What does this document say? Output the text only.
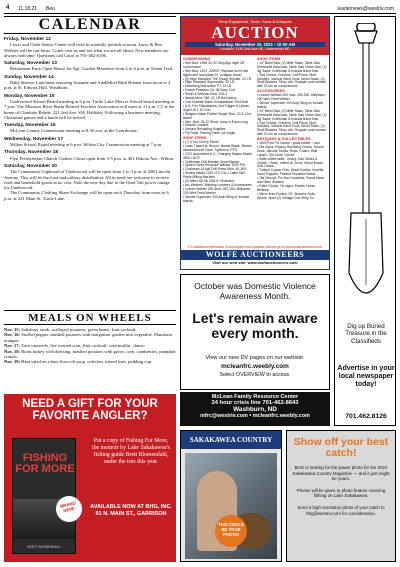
4 11.18.21 Beu	leadernews@westriv.com
CALENDAR
Friday, November 12

Lewis and Clark Senior Center will hold its monthly potluck at noon. Larry & Bea Wellner will be our hosts. Come visit us and see what we are all about. New members are always welcome. Questions call Carol at 701-462-8106.

Saturday, November 13

Retirement Party Open House for Sgt. Gordon Maisterre from 2 to 6 p.m. at Totten Trail.

Sunday, November 14

Baby Shower Luncheon honoring Amanda and AdaBethel Ruth Bohner from noon to 2 p.m. at St. Edwins Hall, Washburn.

Monday, November 15

Underwood School Board meeting at 6 p.m. Turtle Lake-Mercer School board meeting at 7 p.m. The Missouri River Basin Retired Teachers Association will meet at 11 a.m. CT at the home of Charlotte Rohde, 221 2nd Ave. SW, Halliday. Following a business meeting, Christmas games and a lunch will be served.

Tuesday, November 16

McLean County Commission meeting at 8:30 a.m. at the Courthouse.

Wednesday, November 17

Wilton School Board meeting at 6 p.m. Wilton City Commission meeting at 7 p.m.

Thursday, November 18

First Presbyterian Church Clothes Closet open from 3-5 p.m. at 401 Dakota Ave., Wilton.

Saturday, November 20

The Community Cupboard of Underwood will be open from 1 to 3 p.m. at 208 Lincoln Avenue. This will be the food and toiletry distribution. All in need are welcome to receive food and household goods at no cost. Note the new day due to the Otter Tail power outage for Underwood.

The Community Clothing Share Exchange will be open each Thursday from noon to 6 p.m. at 221 Main St. Turtle Lake.

MEALS ON WHEELS
Nov. 15: Salisbury steak, scalloped potatoes, green beans, fruit cocktail.
Nov. 16: Stuffed pepper, mashed potatoes with margarine, garden mix vegetable, Mandarin oranges.
Nov. 17: Taco casserole, fire roasted corn, fruit cocktail, corn muffin, churro.
Nov. 18: Roast turkey with dressing, mashed potatoes with gravy, corn, cranberries, pumpkin crunch.
Nov. 19: Ham salad on a bun, broccoli soup, coleslaw, mixed fruit, pudding cup.
NEED A GIFT FOR YOUR FAVORITE ANGLER?
FISHING FOR MORE
BRETT BLOMENDAHL
BRAND NEW!
Put a copy of Fishing For More, the memoir by Lake Sakakawea's fishing guide Brett Blomendahl, under the tree this year.
AVAILABLE NOW AT BHG, INC. 91 N. MAIN ST., GARRISON
Shop Equipment, Tools, Guns & Antiques
AUCTION
Saturday, November 20, 2021 • 10:00 AM
Location: 1140 2nd Ave NE, Underwood ND
GUNS/FISHING
• Win Mod. 1894 30-30 Tang App sight 26" round barrel
• Win Mod. 1873 .32WCF Replace-ment rear sights and front plate 24" octagon barrel
• (2) High Standard The Shoop Shooter .22 LR
• High Standard Supermatic .22 LR
• Mossberg Bolt Action PT. 22 LR
• Fewen Firearms Co. 36 Navy Colt
• Smith & Wesson Mod. 22A-1
• Wards Mod. 04B .22 LR Bolt Action
• Carl Gustafs Stads Gevarsfaktori 1916 Bolt
• A.H. Fox Philadelphia, 2nd Trigger & Lyman Sight US 1 10 Gun
• Belgium Made Flobert Single Shot .22 & 12ct. Barrel
• Win. Mod. 94 22 Short, Long or Extra Long
• Muzzle Loaders
• Various Reloading Supplies
• Fly Rods, Fishing Poles, Ice Auger
SHOP ITEMS
• (7) 4 Ton Cherry Picker
• Lawn Tractor w. Broom, Mower Blade, Blower Attachment for Garb. System w. PTO
• CDC Automotive A.C. Charging Station Model 3900 / ACS
• Craftsman Drill Breaker Snow Blower
• Speed Creek Pressure Washer 3000 PSI
• Chainsaw 16 spd Drill Press Mod. 40-160
• Smithy Midas 1220 LTD 3 in 1 Lathe Drill Press Milling Machine
• (2) Miller AE-Nil 200LE Generator
• Arc Welders, Welding Lumbers & Accessories
• Lincoln Welder 250 Amd. 250-250, Millpower 225 Wire Feed Welder
• Steiner Superwire 100 Amp Wing w/ include stands
SHOP ITEMS
• 14" Band Saw, (2) Miter Saws, Table Saw, Homecraft band saw, Table Saw Chain Saw, (2) Jig Saws, Craftsman & Kobalts Band Saw
• Tool Chests, Grinders, Drill Press, Mult. Sanders, Various Hand Tools, Wood Saws, (2) Shrill Blowers, Shop-Vac, Snapper push mower with 22 ton air compressors
ACCESSORIES
• Lincoln Weldan 250 mod. 250-250, Millpower 250 Wire Feed Welder
• Steiner Superwire 100 Amp Wing w/ include stands
• 14" Band Saw, (2) Miter Saws, Table Saw, Homecraft band saw, Table Saw Chain Saw, (2) Jig Saws, Craftsman & Kobalts Band Saw
• Tool Chests, Grinders, Drill Press, Mult. Sanders, Various Hand Tools, Wood Saws, (2) Shrill Blowers, Shop-Vac, Snapper push mower with 22 ton air compressors
ANTIQUES & COLLECTIBLES
• 1949 Ford Trl. tractor - good rubber - runs
• Old Signs, Pottery, Butchling Crocks, School Desk, Various Trunks, Rods, Chairs, Wall Lamps, Old Tools, Clocks
• Slate coffee table - heavy, Oak Tables & Chairs - Hutch, drilled oil Crock, Wood Boxes, Gun Cases
• Turkish Copper Pots, Wood Rocker, Kovelta Hand Puppets, Painted Porcelain Bowls
• Old Decoys, Pin Boo Doodlebs, Pencil Meter and Stein Glasses
• Fitted Clocks, Tin signs, Painter Horse Bellsled
• Mirror from Funkcy, NT. Workers Tools, Sports, Sport (2) Vintage Curl Sling Tin
For additional information on this auction and updated pictures go to www.wolfauctioneers.com
WOLFE AUCTIONEERS
Visit our web site: www.wolfauctioneers.com
October was Domestic Violence Awareness Month.
Let's remain aware every month.
View our new DV pages on our website.
mcleanfrc.weebly.com
Select OVERVIEW to access.
McLean Family Resource Center
24 hour crisis line 701-462-8643
Washburn, ND
mfrc@westriv.com • mcleanfrc.weebly.com
Dig up Buried Treasure in the Classifieds
Advertise in your local newspaper today!
701.462.8126
SAKAKAWEA COUNTRY
THIS COULD BE YOUR PHOTO!
Show off your best catch!
BHG is looking for the power photo for the 2022 Sakakawea Country Magazine — and it just might be yours.
Photos will be given to photo feature covering fishing on Lake Sakakawea.
Send a high resolution photo of your catch to bhg@westriv.com for consideration.
